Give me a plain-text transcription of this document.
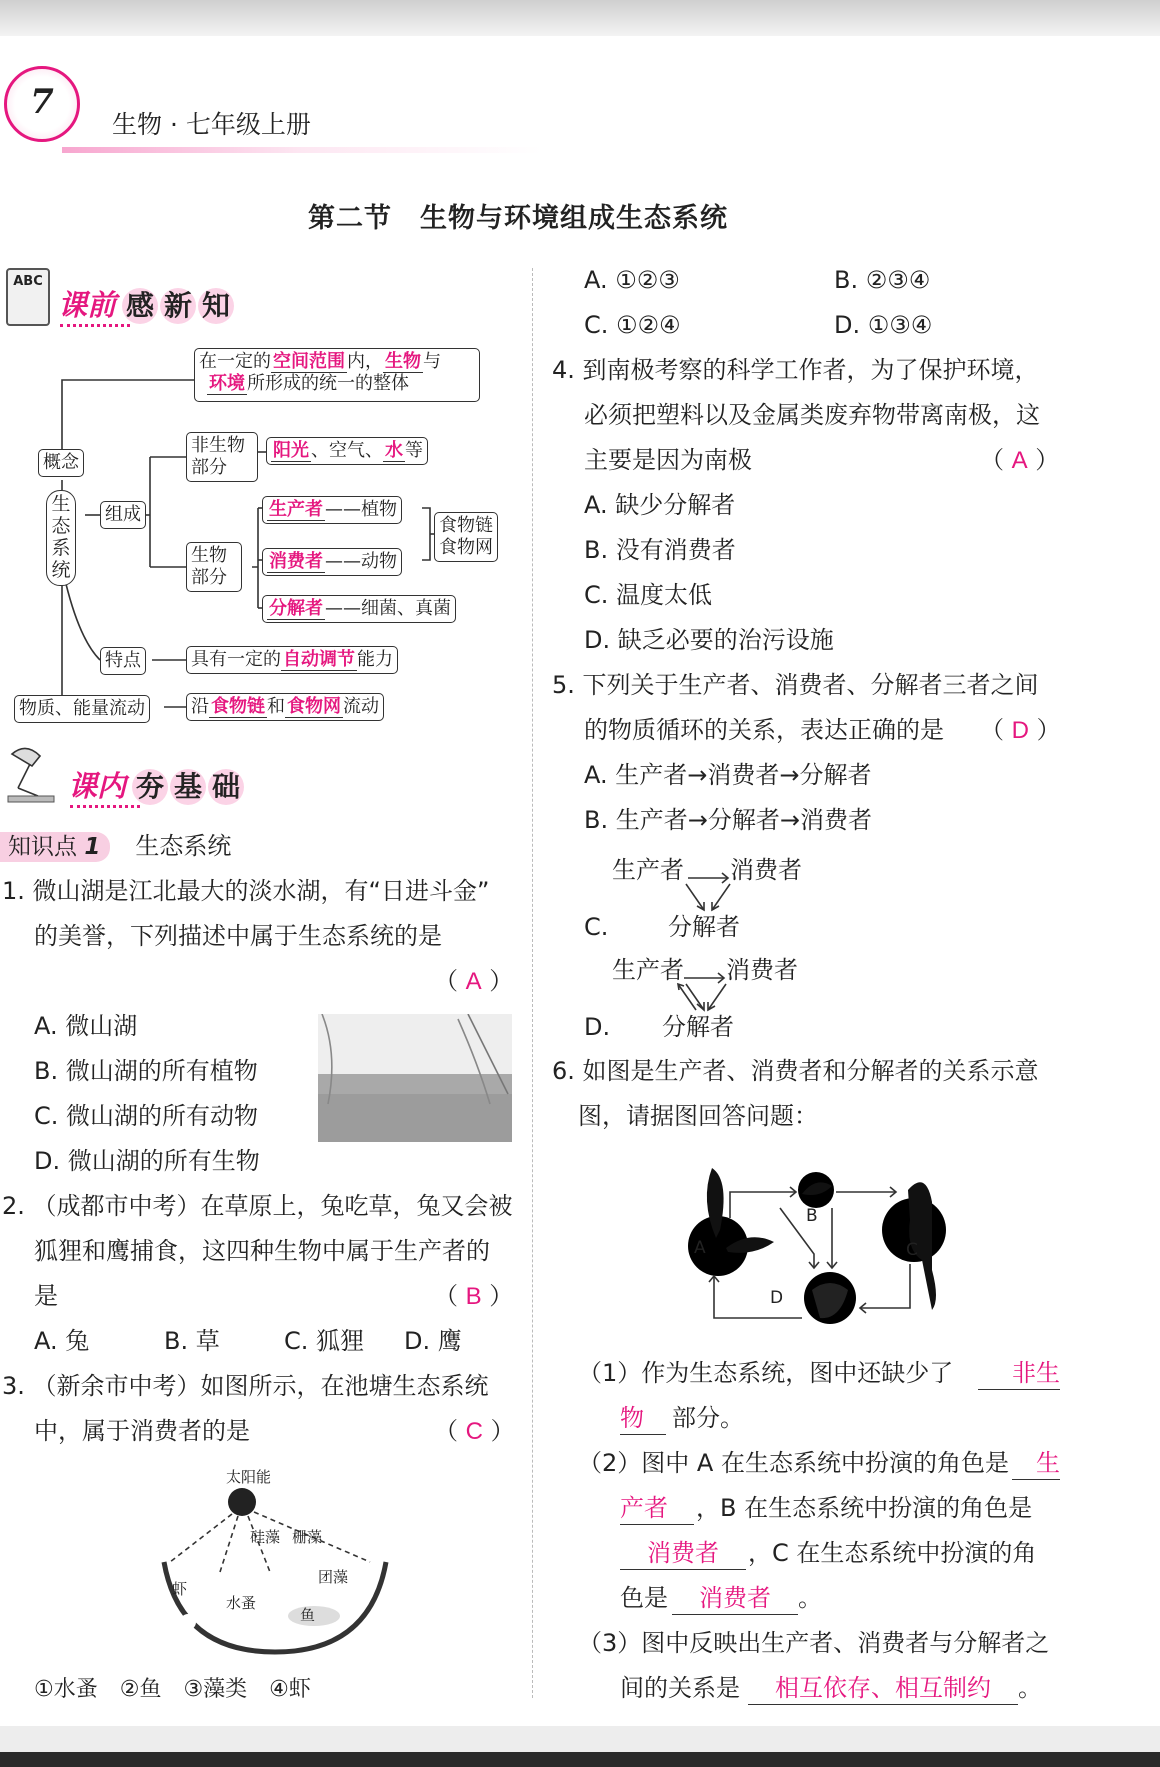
7
生物 · 七年级上册
第二节　生物与环境组成生态系统
ABC
课前 感 新 知
在一定的 空间范围 内， 生物 与
环境 所形成的统一的整体
概念
生态系统
组成
非生物部分
阳光 、空气、 水 等
生物部分
生产者 ——植物
消费者 ——动物
分解者 ——细菌、真菌
食物链
食物网
特点	具有一定的 自动调节 能力
物质、能量流动	沿 食物链 和 食物网 流动
课内 夯 基 础
知识点 1 生态系统
1. 微山湖是江北最大的淡水湖，有“日进斗金”
的美誉，下列描述中属于生态系统的是
（ A ）
A. 微山湖
B. 微山湖的所有植物
C. 微山湖的所有动物
D. 微山湖的所有生物
2. （成都市中考）在草原上，兔吃草，兔又会被
狐狸和鹰捕食，这四种生物中属于生产者的
是	（ B ）
A. 兔	B. 草	C. 狐狸 D. 鹰
3. （新余市中考）如图所示，在池塘生态系统
中，属于消费者的是	（ C ）
太阳能
硅藻 栅藻
团藻
虾
水蚤
鱼
①水蚤　②鱼　③藻类　④虾
A. ①②③	B. ②③④
C. ①②④	D. ①③④
4. 到南极考察的科学工作者，为了保护环境，
必须把塑料以及金属类废弃物带离南极，这
主要是因为南极	（ A ）
A. 缺少分解者
B. 没有消费者
C. 温度太低
D. 缺乏必要的治污设施
5. 下列关于生产者、消费者、分解者三者之间
的物质循环的关系，表达正确的是 （ D ）
A. 生产者→消费者→分解者
B. 生产者→分解者→消费者
生产者 消费者
C. 分解者
生产者 消费者
D. 分解者
6. 如图是生产者、消费者和分解者的关系示意
图，请据图回答问题：
A
B
C
D
（1）作为生态系统，图中还缺少了	非生
物	部分。
（2）图中 A 在生态系统中扮演的角色是	生
产者	，B 在生态系统中扮演的角色是
消费者	，C 在生态系统中扮演的角
色是	消费者	。
（3）图中反映出生产者、消费者与分解者之
间的关系是	相互依存、相互制约	。
